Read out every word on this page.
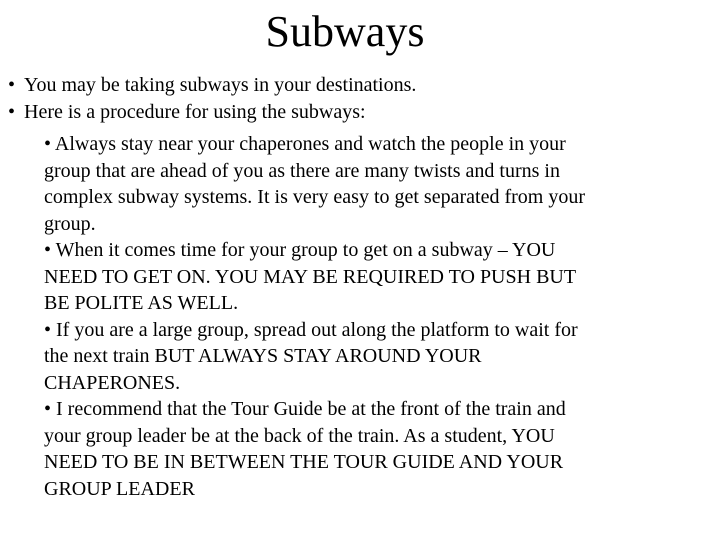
Subways
• You may be taking subways in your destinations.
• Here is a procedure for using the subways:
• Always stay near your chaperones and watch the people in your
group that are ahead of you as there are many twists and turns in
complex subway systems. It is very easy to get separated from your
group.
• When it comes time for your group to get on a subway – YOU
NEED TO GET ON. YOU MAY BE REQUIRED TO PUSH BUT
BE POLITE AS WELL.
• If you are a large group, spread out along the platform to wait for
the next train BUT ALWAYS STAY AROUND YOUR
CHAPERONES.
• I recommend that the Tour Guide be at the front of the train and
your group leader be at the back of the train. As a student, YOU
NEED TO BE IN BETWEEN THE TOUR GUIDE AND YOUR
GROUP LEADER
